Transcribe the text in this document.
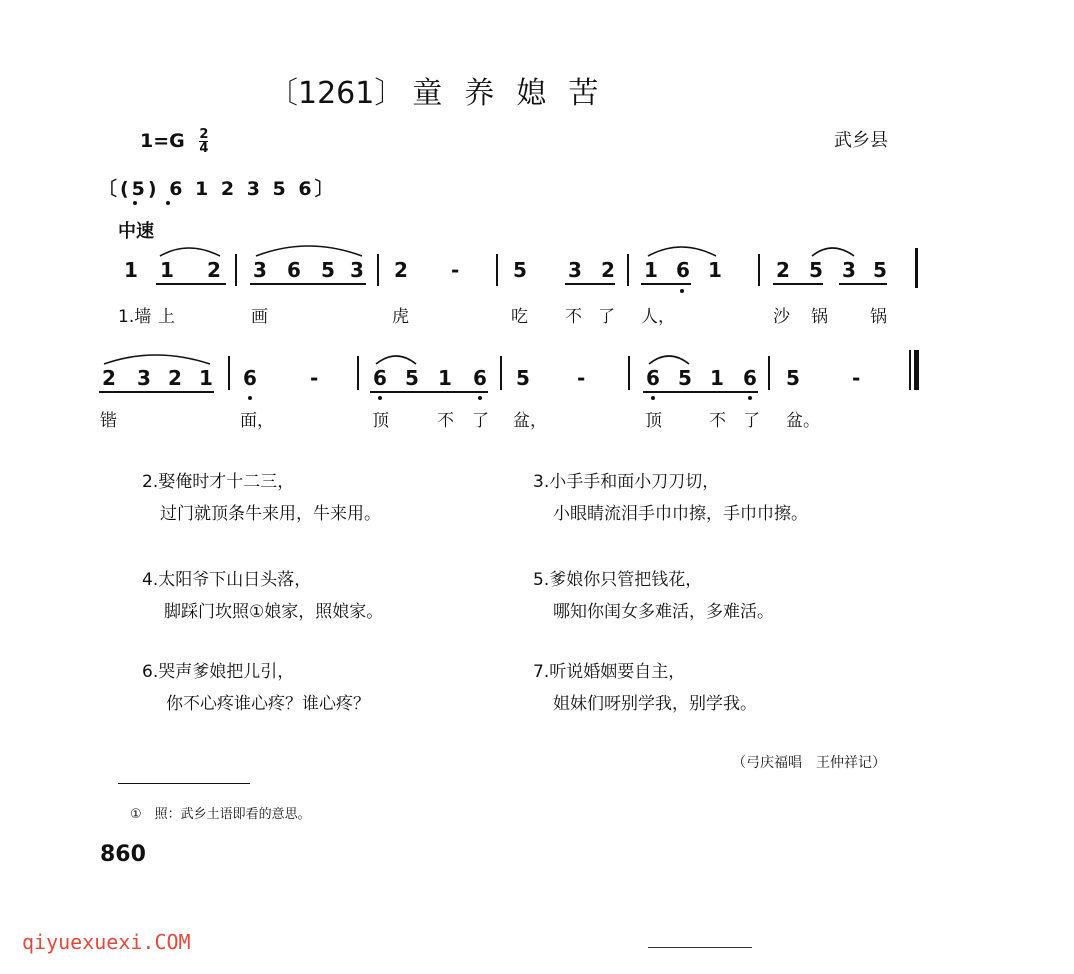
〔1261〕 童养媳苦
$1=G \frac{2}{4}$	武乡县
〔(5) 6 1 2 3 5 6〕
中速
1 1 2 3 6 5 3 2 -	5 3 2 1 6 1	2 5 3 5
1.墙 上	画	虎	吃 不 了 人，	沙 锅 锅
2 3 2 1 6	-	6 5 1 6 5 -	6 5 1 6 5	-
锴	面，	顶	不 了 盆，	顶	不 了 盆。
2.娶俺时才十二三，
过门就顶条牛来用，牛来用。
3.小手手和面小刀刀切，
小眼睛流泪手巾巾擦，手巾巾擦。
4.太阳爷下山日头落，
脚踩门坎照①娘家，照娘家。
5.爹娘你只管把钱花，
哪知你闺女多难活，多难活。
6.哭声爹娘把儿引，
你不心疼谁心疼？谁心疼？
7.听说婚姻要自主，
姐妹们呀别学我，别学我。
（弓庆福唱　王仲祥记）
①　照：武乡土语即看的意思。
860
qiyuexuexi.COM
